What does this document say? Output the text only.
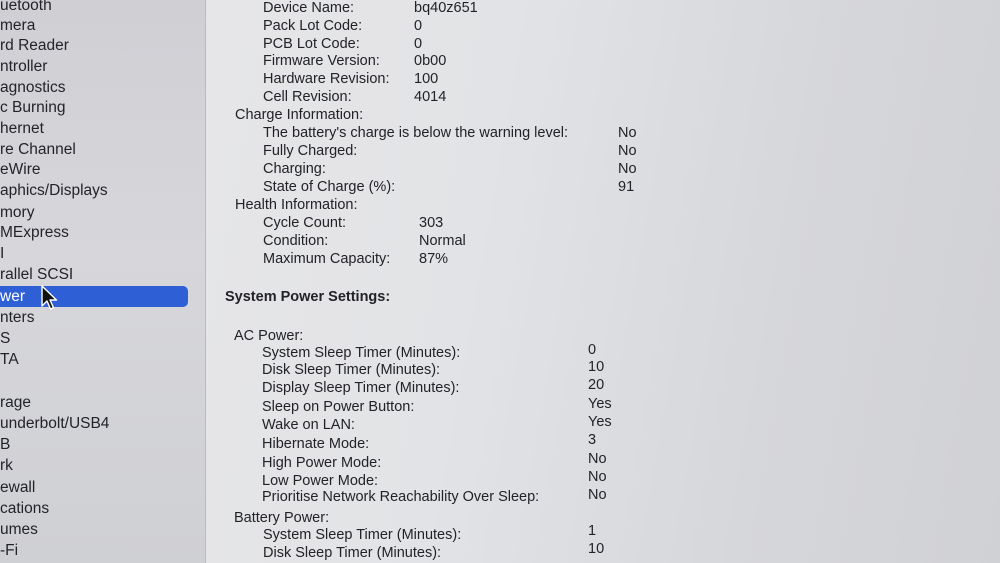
uetooth
mera
rd Reader
ntroller
agnostics
c Burning
hernet
re Channel
eWire
aphics/Displays
mory
MExpress
I
rallel SCSI
wer
nters
S
TA
rage
underbolt/USB4
B
rk
ewall
cations
umes
-Fi
Device Name:	bq40z651
Pack Lot Code:	0
PCB Lot Code:	0
Firmware Version: 0b00
Hardware Revision: 100
Cell Revision:	4014
Charge Information:
The battery's charge is below the warning level:	No
Fully Charged:	No
Charging:	No
State of Charge (%):	91
Health Information:
Cycle Count:	303
Condition:	Normal
Maximum Capacity: 87%
System Power Settings:
AC Power:
System Sleep Timer (Minutes):	0
Disk Sleep Timer (Minutes):	10
Display Sleep Timer (Minutes):	20
Sleep on Power Button:	Yes
Wake on LAN:	Yes
Hibernate Mode:	3
High Power Mode:	No
Low Power Mode:	No
Prioritise Network Reachability Over Sleep:	No
Battery Power:
System Sleep Timer (Minutes):	1
Disk Sleep Timer (Minutes):	10
